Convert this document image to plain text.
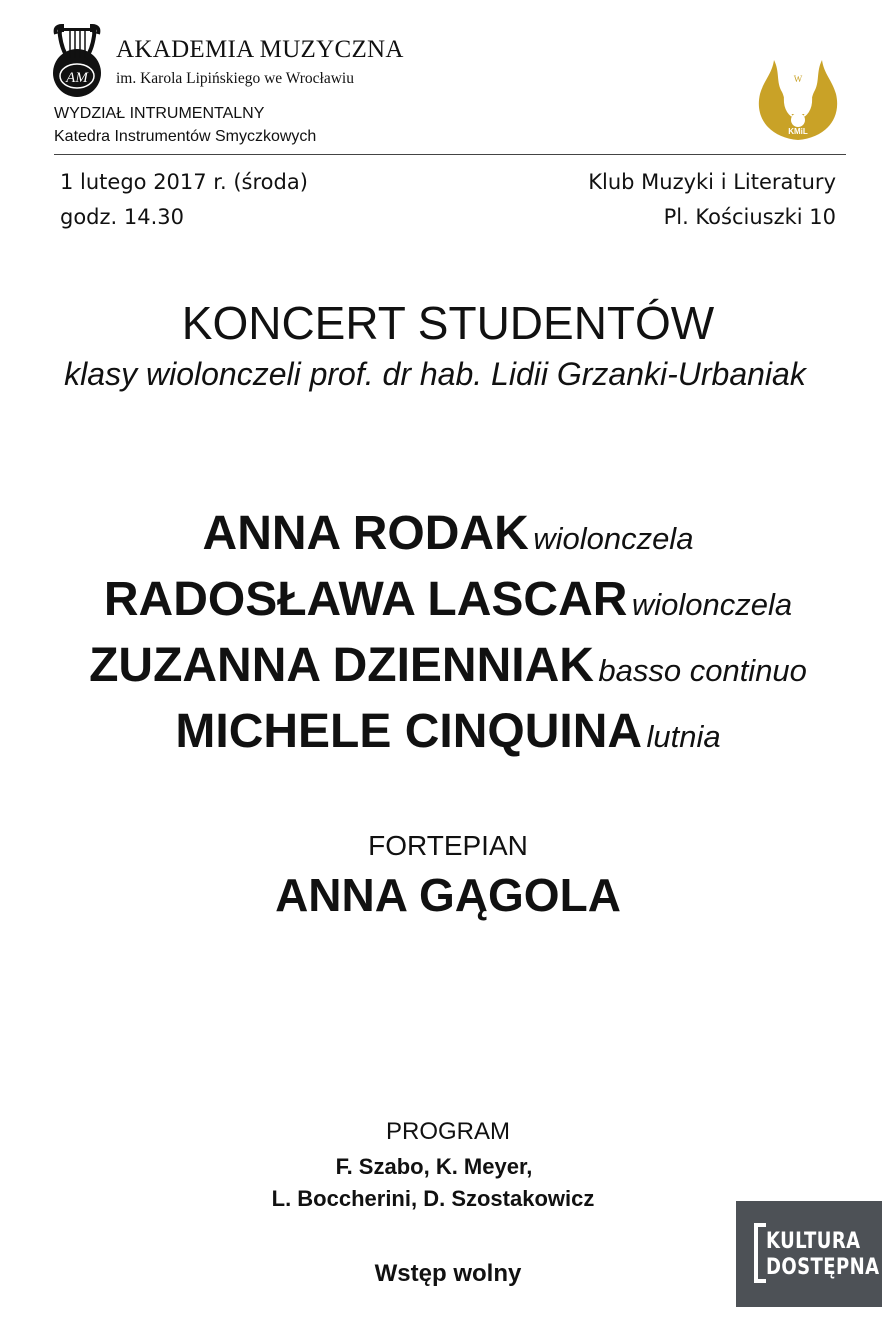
AM
AKADEMIA MUZYCZNA
im. Karola Lipińskiego we Wrocławiu
WYDZIAŁ INTRUMENTALNY
Katedra Instrumentów Smyczkowych
W
KMiL
1 lutego 2017 r. (środa)
godz. 14.30
Klub Muzyki i Literatury
Pl. Kościuszki 10
KONCERT STUDENTÓW
klasy wiolonczeli prof. dr hab. Lidii Grzanki-Urbaniak
ANNA RODAK wiolonczela
RADOSŁAWA LASCAR wiolonczela
ZUZANNA DZIENNIAK basso continuo
MICHELE CINQUINA lutnia
FORTEPIAN
ANNA GĄGOLA
PROGRAM
F. Szabo, K. Meyer,
L. Boccherini, D. Szostakowicz
Wstęp wolny
KULTURA
DOSTĘPNA
